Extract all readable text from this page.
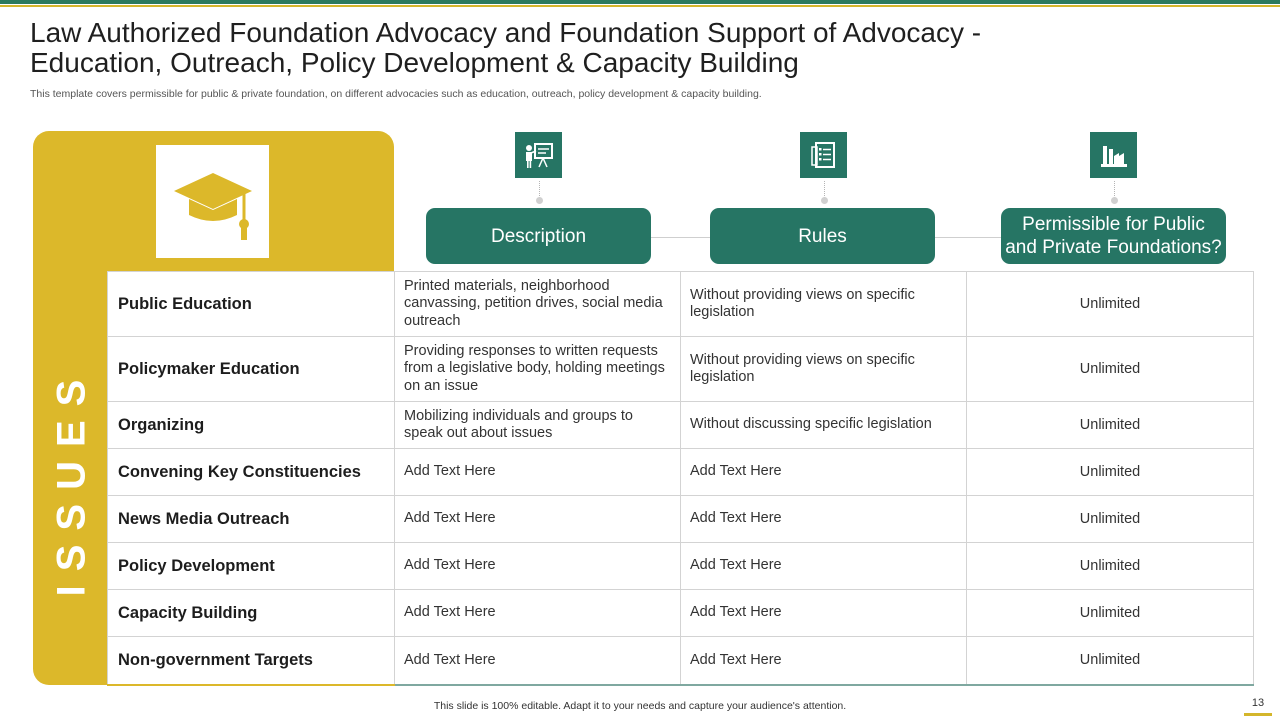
Law Authorized Foundation Advocacy and Foundation Support of Advocacy -
Education, Outreach, Policy Development & Capacity Building
This template covers permissible for public & private foundation, on different advocacies such as education, outreach, policy development & capacity building.
ISSUES
Description	Rules
Permissible for Public
and Private Foundations?
Public Education	Printed materials, neighborhood canvassing, petition drives, social media outreach	Without providing views on specific legislation	Unlimited
Policymaker Education	Providing responses to written requests from a legislative body, holding meetings on an issue	Without providing views on specific legislation	Unlimited
Organizing	Mobilizing individuals and groups to speak out about issues	Without discussing specific legislation	Unlimited
Convening Key Constituencies	Add Text Here	Add Text Here	Unlimited
News Media Outreach	Add Text Here	Add Text Here	Unlimited
Policy Development	Add Text Here	Add Text Here	Unlimited
Capacity Building	Add Text Here	Add Text Here	Unlimited
Non-government Targets	Add Text Here	Add Text Here	Unlimited
This slide is 100% editable. Adapt it to your needs and capture your audience's attention.	13
